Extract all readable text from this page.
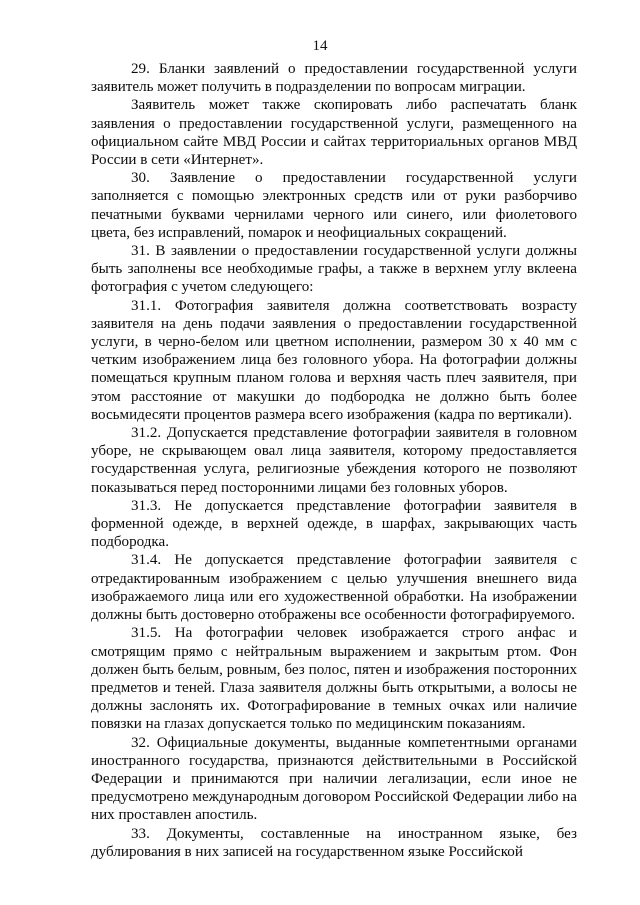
14

29. Бланки заявлений о предоставлении государственной услуги заявитель может получить в подразделении по вопросам миграции.

Заявитель может также скопировать либо распечатать бланк заявления о предоставлении государственной услуги, размещенного на официальном сайте МВД России и сайтах территориальных органов МВД России в сети «Интернет».

30. Заявление о предоставлении государственной услуги заполняется с помощью электронных средств или от руки разборчиво печатными буквами чернилами черного или синего, или фиолетового цвета, без исправлений, помарок и неофициальных сокращений.

31. В заявлении о предоставлении государственной услуги должны быть заполнены все необходимые графы, а также в верхнем углу вклеена фотография с учетом следующего:

31.1. Фотография заявителя должна соответствовать возрасту заявителя на день подачи заявления о предоставлении государственной услуги, в черно-белом или цветном исполнении, размером 30 х 40 мм с четким изображением лица без головного убора. На фотографии должны помещаться крупным планом голова и верхняя часть плеч заявителя, при этом расстояние от макушки до подбородка не должно быть более восьмидесяти процентов размера всего изображения (кадра по вертикали).

31.2. Допускается представление фотографии заявителя в головном уборе, не скрывающем овал лица заявителя, которому предоставляется государственная услуга, религиозные убеждения которого не позволяют показываться перед посторонними лицами без головных уборов.

31.3. Не допускается представление фотографии заявителя в форменной одежде, в верхней одежде, в шарфах, закрывающих часть подбородка.

31.4. Не допускается представление фотографии заявителя с отредактированным изображением с целью улучшения внешнего вида изображаемого лица или его художественной обработки. На изображении должны быть достоверно отображены все особенности фотографируемого.

31.5. На фотографии человек изображается строго анфас и смотрящим прямо с нейтральным выражением и закрытым ртом. Фон должен быть белым, ровным, без полос, пятен и изображения посторонних предметов и теней. Глаза заявителя должны быть открытыми, а волосы не должны заслонять их. Фотографирование в темных очках или наличие повязки на глазах допускается только по медицинским показаниям.

32. Официальные документы, выданные компетентными органами иностранного государства, признаются действительными в Российской Федерации и принимаются при наличии легализации, если иное не предусмотрено международным договором Российской Федерации либо на них проставлен апостиль.

33. Документы, составленные на иностранном языке, без дублирования в них записей на государственном языке Российской
